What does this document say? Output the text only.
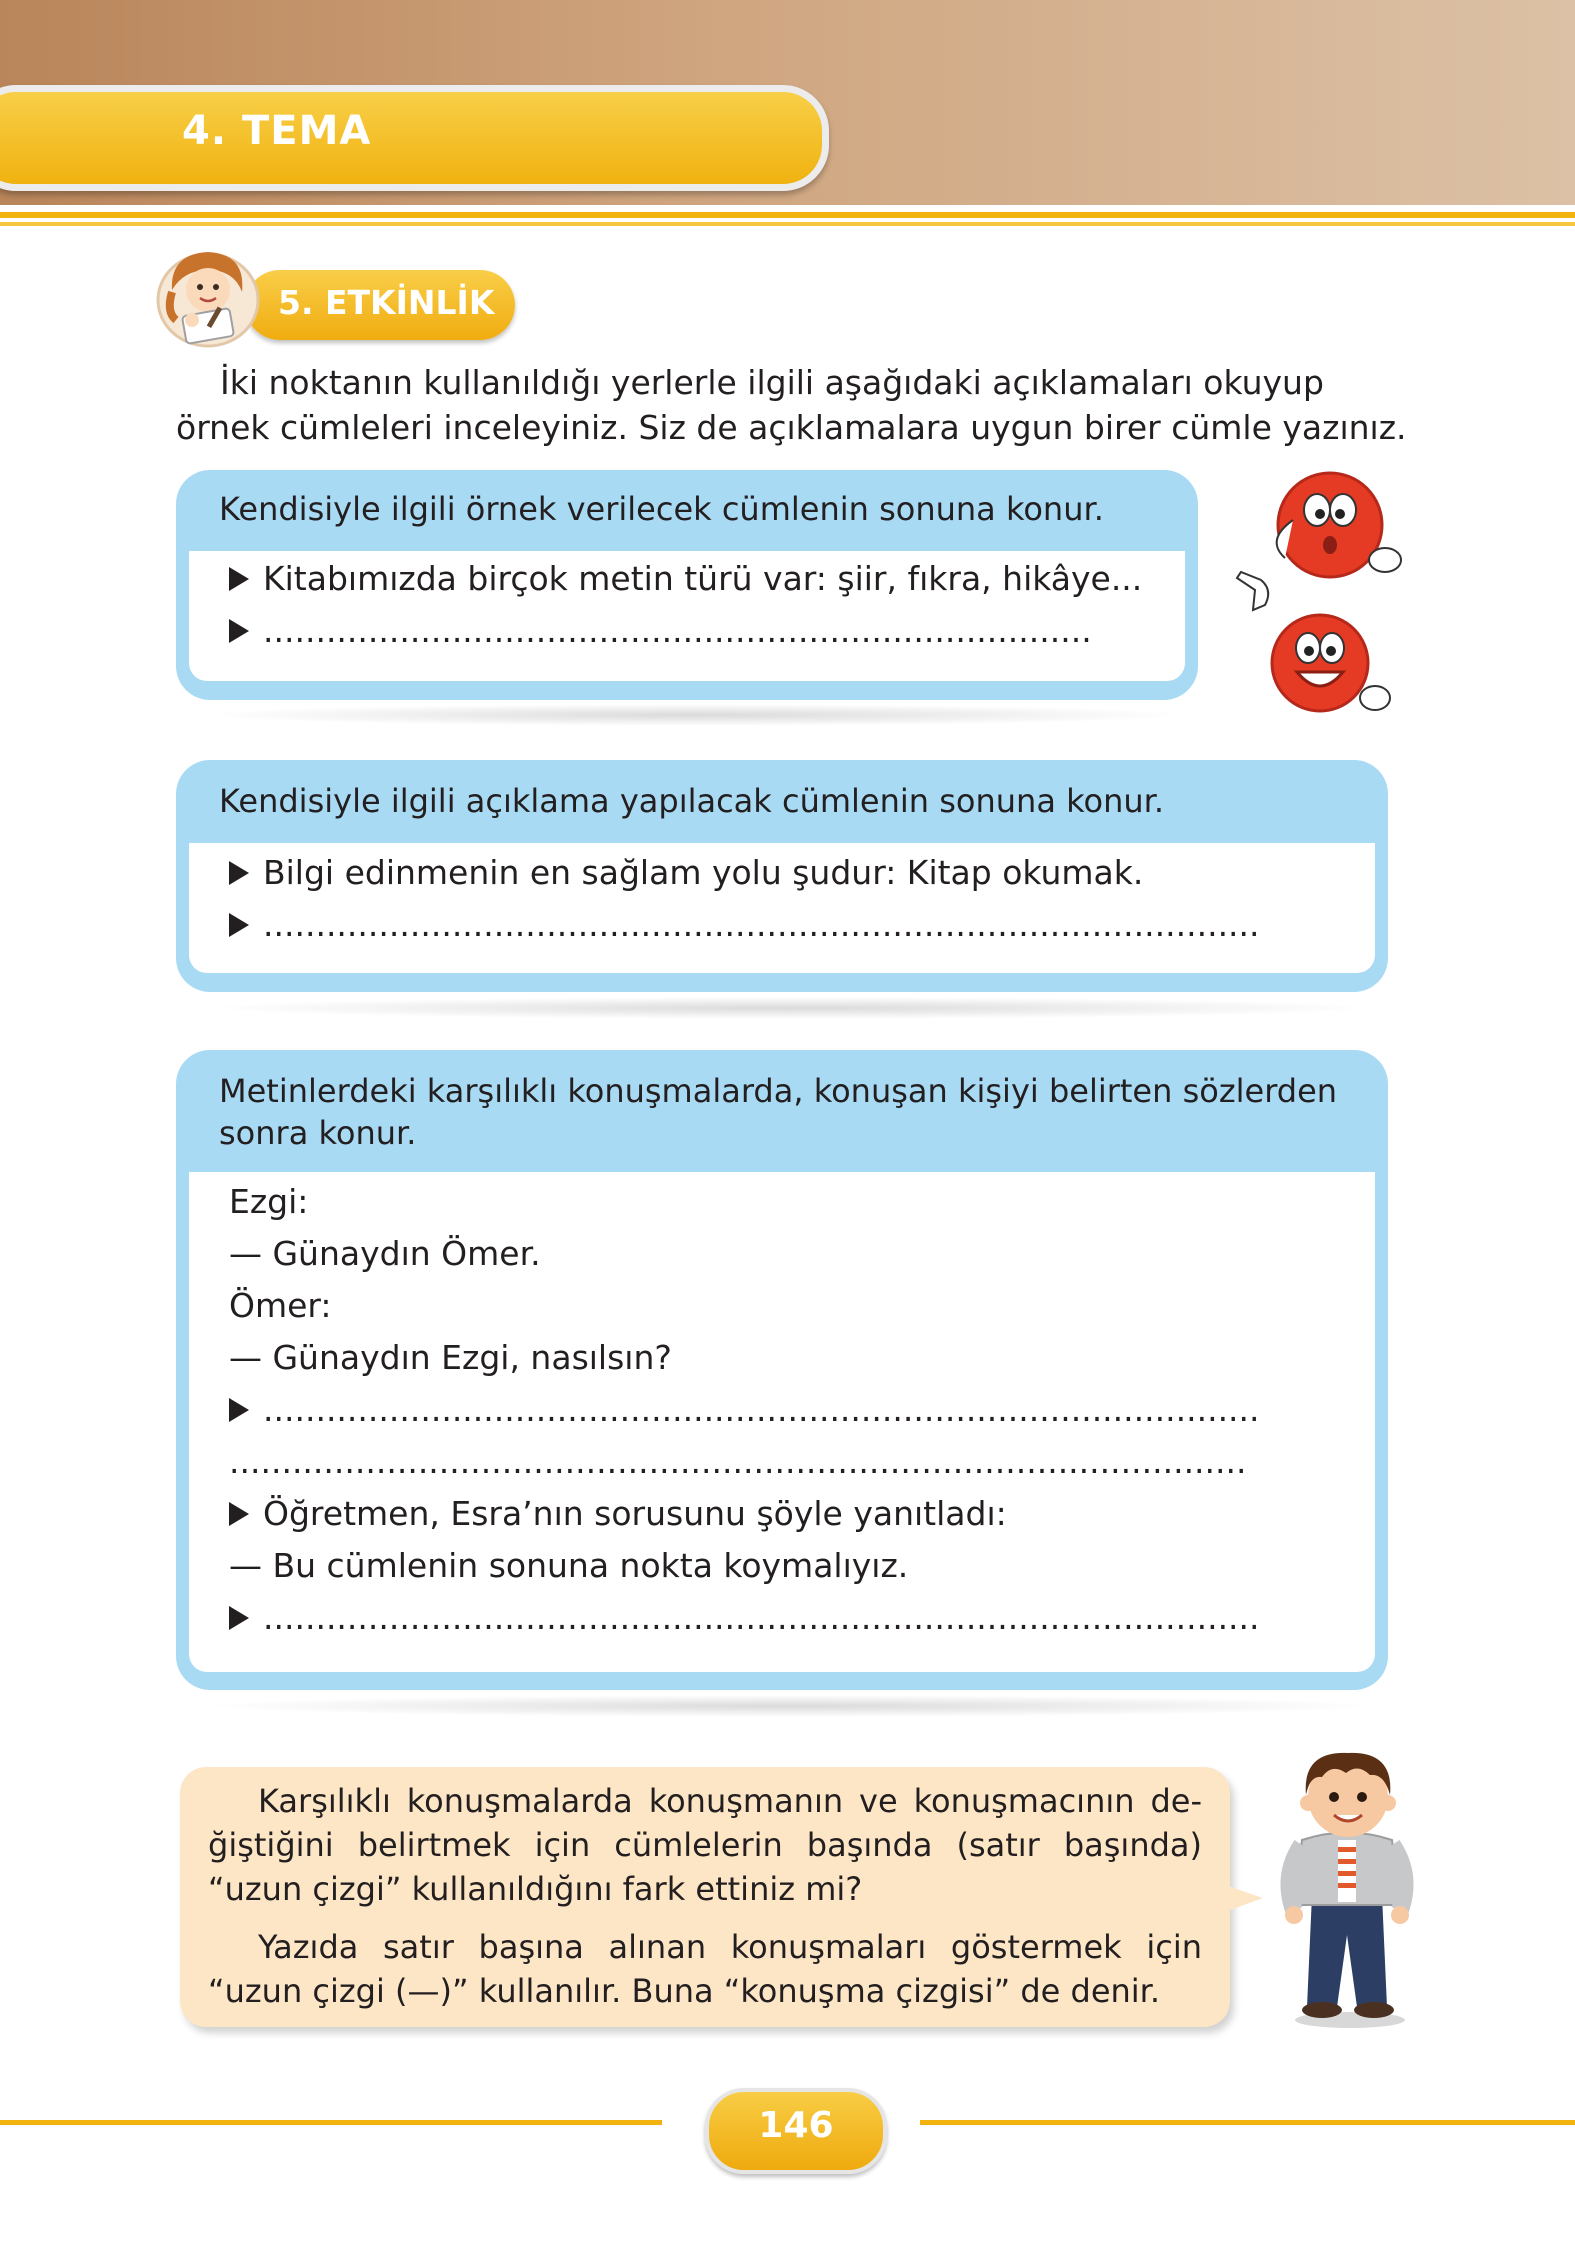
4. TEMA
5. ETKİNLİK

İki noktanın kullanıldığı yerlerle ilgili aşağıdaki açıklamaları okuyup örnek cümleleri inceleyiniz. Siz de açıklamalara uygun birer cümle yazınız.

Kendisiyle ilgili örnek verilecek cümlenin sonuna konur.
Kitabımızda birçok metin türü var: şiir, fıkra, hikâye...
...............................................................................
Kendisiyle ilgili açıklama yapılacak cümlenin sonuna konur.
Bilgi edinmenin en sağlam yolu şudur: Kitap okumak.
...............................................................................................
Metinlerdeki karşılıklı konuşmalarda, konuşan kişiyi belirten sözlerden
sonra konur.
Ezgi:
— Günaydın Ömer.
Ömer:
— Günaydın Ezgi, nasılsın?
...............................................................................................
.................................................................................................
Öğretmen, Esra’nın sorusunu şöyle yanıtladı:
— Bu cümlenin sonuna nokta koymalıyız.
...............................................................................................

Karşılıklı konuşmalarda konuşmanın ve konuşmacının de-ğiştiğini belirtmek için cümlelerin başında (satır başında) “uzun çizgi” kullanıldığını fark ettiniz mi?

Yazıda satır başına alınan konuşmaları göstermek için “uzun çizgi (—)” kullanılır. Buna “konuşma çizgisi” de denir.

146
